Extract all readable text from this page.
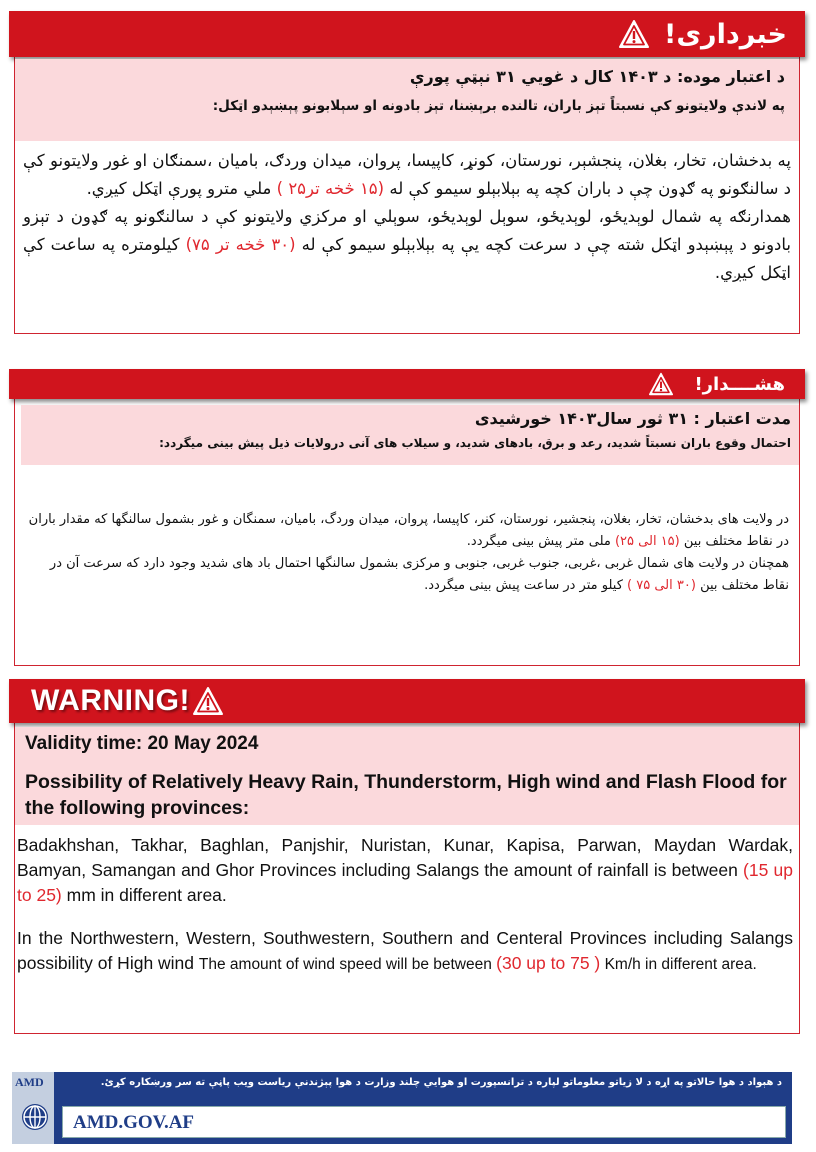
خبرداری!
د اعتبار موده: د ۱۴۰۳ کال د غويي ۳۱ نېټې پورې
په لاندې ولايتونو کې نسبتاً تېز باران، تالنده برېښنا، تېز بادونه او سېلابونو پېښېدو اټکل:
په بدخشان، تخار، بغلان، پنجشېر، نورستان، کونړ، کاپيسا، پروان، ميدان وردګ، باميان ،سمنګان او غور ولايتونو کې د سالنګونو په ګډون چې د باران کچه په بېلابېلو سيمو کې له (۱۵ څخه تر۲۵ ) ملي مترو پورې اټکل کيږي.
همدارنګه په شمال لوېديځو، لوېديځو، سوېل لوېديځو، سوېلي او مرکزي ولايتونو کې د سالنګونو په ګډون د تېزو بادونو د پېښېدو اټکل شته چې د سرعت کچه يې په بېلابېلو سيمو کې له (۳۰ څخه تر ۷۵) کيلومتره په ساعت کې اټکل کيږي.
هشــــدار!
مدت اعتبار : ۳۱ ثور سال۱۴۰۳ خورشیدی
احتمال وقوع باران نسبتاً شدید، رعد و برق، بادهای شدید، و سیلاب های آنی درولایات ذیل پیش بینی میگردد:
در ولایت های بدخشان، تخار، بغلان، پنجشیر، نورستان، کنر، کاپیسا، پروان، میدان وردگ، بامیان، سمنگان و غور بشمول سالنگها که مقدار باران در نقاط مختلف بین (۱۵ الی ۲۵) ملی متر پیش بینی میگردد.
همچنان در ولایت های شمال غربی ،غربی، جنوب غربی، جنوبی و مرکزی بشمول سالنگها احتمال باد های شدید وجود دارد که سرعت آن در نقاط مختلف بین (۳۰ الی ۷۵ ) کیلو متر در ساعت پیش بینی میگردد.
WARNING!
Validity time: 20 May 2024
Possibility of Relatively Heavy Rain, Thunderstorm, High wind and Flash Flood for the following provinces:

Badakhshan, Takhar, Baghlan, Panjshir, Nuristan, Kunar, Kapisa, Parwan, Maydan Wardak, Bamyan, Samangan and Ghor Provinces including Salangs the amount of rainfall is between (15 up to 25) mm in different area.

In the Northwestern, Western, Southwestern, Southern and Centeral Provinces including Salangs possibility of High wind The amount of wind speed will be between (30 up to 75 ) Km/h in different area.

د هېواد د هوا حالاتو په اړه د لا زياتو معلوماتو لپاره د ترانسپورت او هوايي چلند وزارت د هوا پېژندنې رياست ويب پاڼې ته سر ورښکاره کړئ.
AMD
AMD.GOV.AF
